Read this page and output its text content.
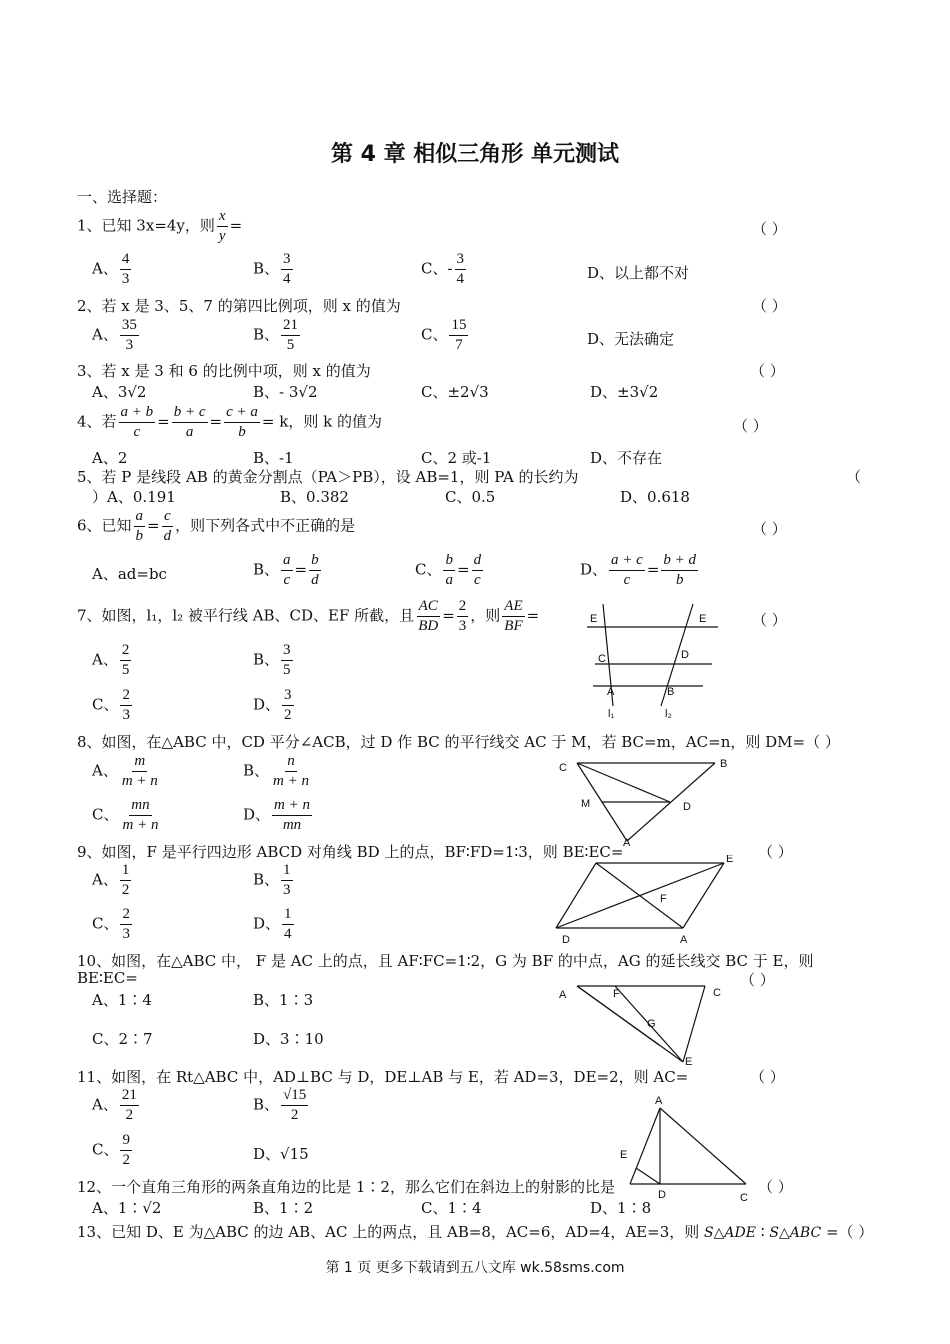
第 4 章 相似三角形 单元测试
一、选择题：
1、已知 3x=4y，则 $\frac{x}{y}$ =	（ ）
A、 $\frac{4}{3}$	B、 $\frac{3}{4}$	C、- $\frac{3}{4}$	D、以上都不对
2、若 x 是 3、5、7 的第四比例项，则 x 的值为	（ ）
A、 $\frac{35}{3}$	B、 $\frac{21}{5}$	C、 $\frac{15}{7}$	D、无法确定
3、若 x 是 3 和 6 的比例中项，则 x 的值为	（ ）
A、3√2	B、- 3√2	C、±2√3	D、±3√2
4、若 $\frac{a + b}{c} = \frac{b + c}{a} = \frac{c + a}{b} = k$，则 k 的值为	（ ）
A、2	B、-1	C、2 或-1	D、不存在
5、若 P 是线段 AB 的黄金分割点（PA＞PB），设 AB=1，则 PA 的长约为	（
）A、0.191	B、0.382	C、0.5	D、0.618
6、已知 $\frac{a}{b} = \frac{c}{d}$ ，则下列各式中不正确的是	（ ）
A、ad=bc	B、 $\frac{a}{c} = \frac{b}{d}$	C、 $\frac{b}{a} = \frac{d}{c}$	D、 $\frac{a + c}{c} = \frac{b + d}{b}$
7、如图，l₁，l₂ 被平行线 AB、CD、EF 所截，且 $\frac{AC}{BD} = \frac{2}{3}$ ，则 $\frac{AE}{BF}$ =	（ ）
A、 $\frac{2}{5}$	B、 $\frac{3}{5}$
C、 $\frac{2}{3}$	D、 $\frac{3}{2}$
E	E
C	D
A	B
l₁	l₂
8、如图，在△ABC 中，CD 平分∠ACB，过 D 作 BC 的平行线交 AC 于 M，若 BC=m，AC=n，则 DM=（ ）
A、 $\frac{m}{m + n}$	B、 $\frac{n}{m + n}$
C、 $\frac{mn}{m + n}$	D、 $\frac{m + n}{mn}$
C	B
M	D
A
9、如图，F 是平行四边形 ABCD 对角线 BD 上的点，BF∶FD=1∶3，则 BE∶EC=	（ ）
A、 $\frac{1}{2}$	B、 $\frac{1}{3}$
C、 $\frac{2}{3}$	D、 $\frac{1}{4}$	D	A
F
E
10、如图，在△ABC 中， F 是 AC 上的点，且 AF∶FC=1∶2，G 为 BF 的中点，AG 的延长线交 BC 于 E，则
BE∶EC=	（ ）
A、1∶4	B、1∶3
C、2∶7	D、3∶10
A	F	C
G
E
11、如图，在 Rt△ABC 中，AD⊥BC 与 D，DE⊥AB 与 E，若 AD=3，DE=2，则 AC=	（ ）
A、 $\frac{21}{2}$	B、 $\frac{√15}{2}$
C、 $\frac{9}{2}$	D、√15
A
E
D	C
12、一个直角三角形的两条直角边的比是 1∶2，那么它们在斜边上的射影的比是	（ ）
A、1∶√2	B、1∶2	C、1∶4	D、1∶8
13、已知 D、E 为△ABC 的边 AB、AC 上的两点，且 AB=8，AC=6，AD=4，AE=3，则 S△ADE ∶ S△ABC =（ ）
第 1 页 更多下载请到五八文库 wk.58sms.com
